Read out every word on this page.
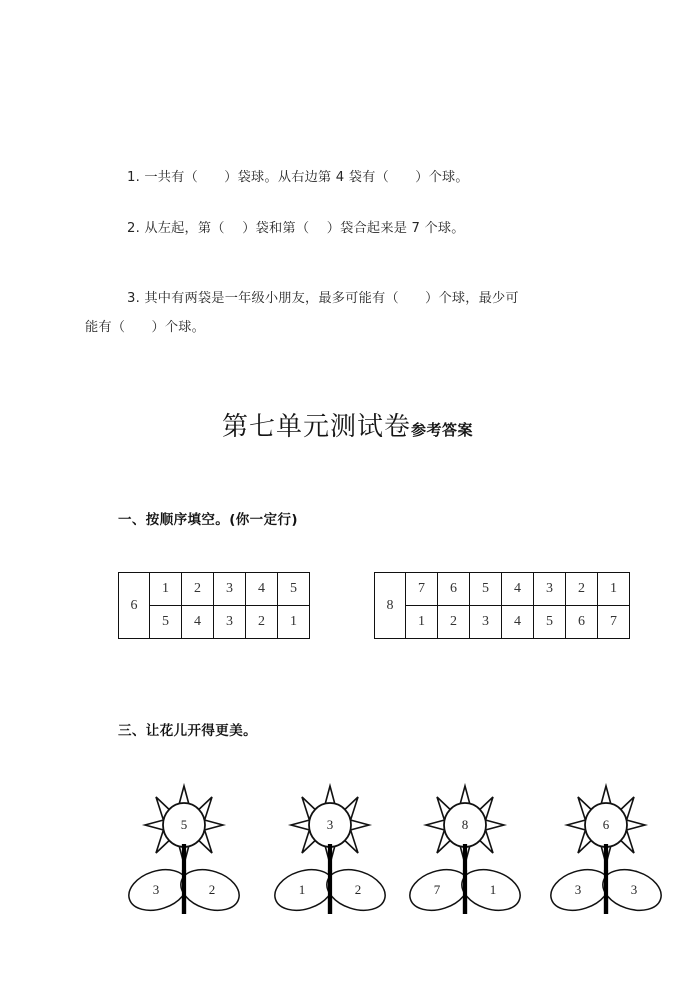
1. 一共有（      ）袋球。从右边第 4 袋有（      ）个球。
2. 从左起，第（    ）袋和第（    ）袋合起来是 7 个球。
3. 其中有两袋是一年级小朋友，最多可能有（      ）个球，最少可
能有（      ）个球。
第七单元测试卷参考答案
一、按顺序填空。(你一定行)
6	1	2	3	4	5
	5	4	3	2	1
8	7	6	5	4	3	2	1
	1	2	3	4	5	6	7
三、让花儿开得更美。
5
3	2
3
1	2
8
7	1
6
3	3
